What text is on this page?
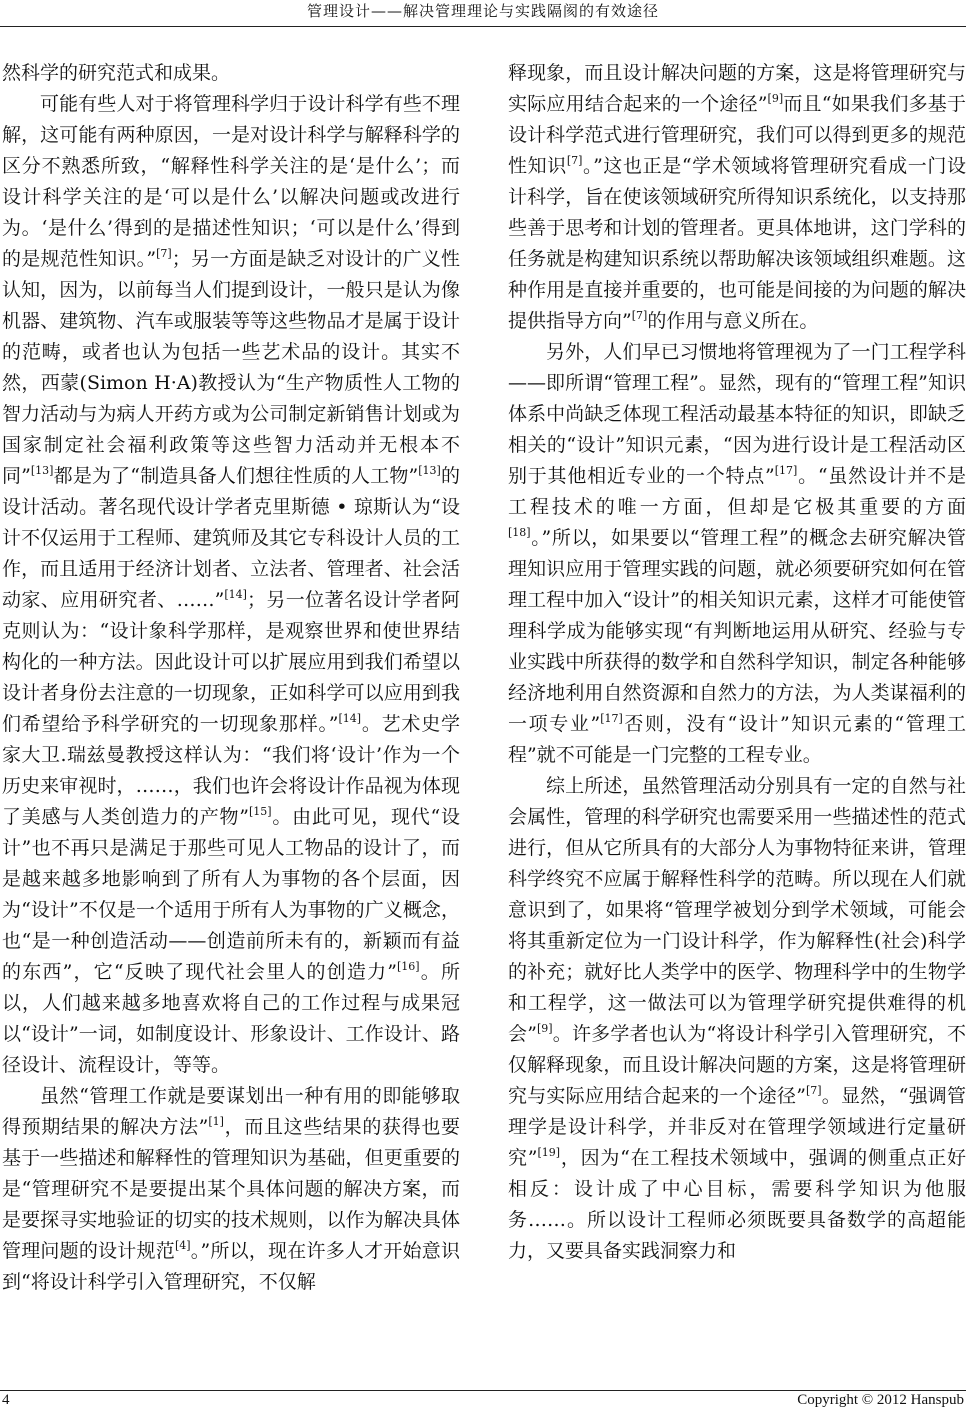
管理设计——解决管理理论与实践隔阂的有效途径

然科学的研究范式和成果。

可能有些人对于将管理科学归于设计科学有些不理解，这可能有两种原因，一是对设计科学与解释科学的区分不熟悉所致，“解释性科学关注的是‘是什么’；而设计科学关注的是‘可以是什么’以解决问题或改进行为。‘是什么’得到的是描述性知识；‘可以是什么’得到的是规范性知识。”[7]；另一方面是缺乏对设计的广义性认知，因为，以前每当人们提到设计，一般只是认为像机器、建筑物、汽车或服装等等这些物品才是属于设计的范畴，或者也认为包括一些艺术品的设计。其实不然，西蒙(Simon H·A)教授认为“生产物质性人工物的智力活动与为病人开药方或为公司制定新销售计划或为国家制定社会福利政策等这些智力活动并无根本不同”[13]都是为了“制造具备人们想往性质的人工物”[13]的设计活动。著名现代设计学者克里斯德 • 琼斯认为“设计不仅运用于工程师、建筑师及其它专科设计人员的工作，而且适用于经济计划者、立法者、管理者、社会活动家、应用研究者、……”[14]；另一位著名设计学者阿克则认为：“设计象科学那样，是观察世界和使世界结构化的一种方法。因此设计可以扩展应用到我们希望以设计者身份去注意的一切现象，正如科学可以应用到我们希望给予科学研究的一切现象那样。”[14]。艺术史学家大卫.瑞兹曼教授这样认为：“我们将‘设计’作为一个历史来审视时，……，我们也许会将设计作品视为体现了美感与人类创造力的产物”[15]。由此可见，现代“设计”也不再只是满足于那些可见人工物品的设计了，而是越来越多地影响到了所有人为事物的各个层面，因为“设计”不仅是一个适用于所有人为事物的广义概念，也“是一种创造活动——创造前所未有的，新颖而有益的东西”，它“反映了现代社会里人的创造力”[16]。所以，人们越来越多地喜欢将自己的工作过程与成果冠以“设计”一词，如制度设计、形象设计、工作设计、路径设计、流程设计，等等。

虽然“管理工作就是要谋划出一种有用的即能够取得预期结果的解决方法”[1]，而且这些结果的获得也要基于一些描述和解释性的管理知识为基础，但更重要的是“管理研究不是要提出某个具体问题的解决方案，而是要探寻实地验证的切实的技术规则，以作为解决具体管理问题的设计规范[4]。”所以，现在许多人才开始意识到“将设计科学引入管理研究，不仅解

释现象，而且设计解决问题的方案，这是将管理研究与实际应用结合起来的一个途径”[9]而且“如果我们多基于设计科学范式进行管理研究，我们可以得到更多的规范性知识[7]。”这也正是“学术领域将管理研究看成一门设计科学，旨在使该领域研究所得知识系统化，以支持那些善于思考和计划的管理者。更具体地讲，这门学科的任务就是构建知识系统以帮助解决该领域组织难题。这种作用是直接并重要的，也可能是间接的为问题的解决提供指导方向”[7]的作用与意义所在。

另外，人们早已习惯地将管理视为了一门工程学科——即所谓“管理工程”。显然，现有的“管理工程”知识体系中尚缺乏体现工程活动最基本特征的知识，即缺乏相关的“设计”知识元素，“因为进行设计是工程活动区别于其他相近专业的一个特点”[17]。“虽然设计并不是工程技术的唯一方面，但却是它极其重要的方面[18]。”所以，如果要以“管理工程”的概念去研究解决管理知识应用于管理实践的问题，就必须要研究如何在管理工程中加入“设计”的相关知识元素，这样才可能使管理科学成为能够实现“有判断地运用从研究、经验与专业实践中所获得的数学和自然科学知识，制定各种能够经济地利用自然资源和自然力的方法，为人类谋福利的一项专业”[17]否则，没有“设计”知识元素的“管理工程”就不可能是一门完整的工程专业。

综上所述，虽然管理活动分别具有一定的自然与社会属性，管理的科学研究也需要采用一些描述性的范式进行，但从它所具有的大部分人为事物特征来讲，管理科学终究不应属于解释性科学的范畴。所以现在人们就意识到了，如果将“管理学被划分到学术领域，可能会将其重新定位为一门设计科学，作为解释性(社会)科学的补充；就好比人类学中的医学、物理科学中的生物学和工程学，这一做法可以为管理学研究提供难得的机会”[9]。许多学者也认为“将设计科学引入管理研究，不仅解释现象，而且设计解决问题的方案，这是将管理研究与实际应用结合起来的一个途径”[7]。显然，“强调管理学是设计科学，并非反对在管理学领域进行定量研究”[19]，因为“在工程技术领域中，强调的侧重点正好相反：设计成了中心目标，需要科学知识为他服务……。所以设计工程师必须既要具备数学的高超能力，又要具备实践洞察力和

4	Copyright © 2012 Hanspub
